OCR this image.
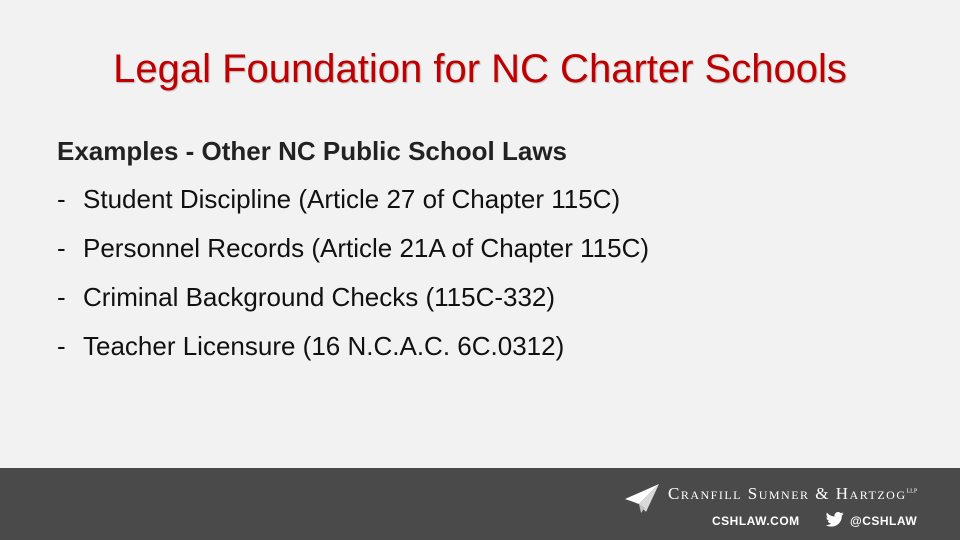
Legal Foundation for NC Charter Schools
Examples - Other NC Public School Laws
- Student Discipline (Article 27 of Chapter 115C)
- Personnel Records (Article 21A of Chapter 115C)
- Criminal Background Checks (115C-332)
- Teacher Licensure (16 N.C.A.C. 6C.0312)
Cranfill Sumner & Hartzog$^{LLP}$
CSHLAW.COM	@CSHLAW
